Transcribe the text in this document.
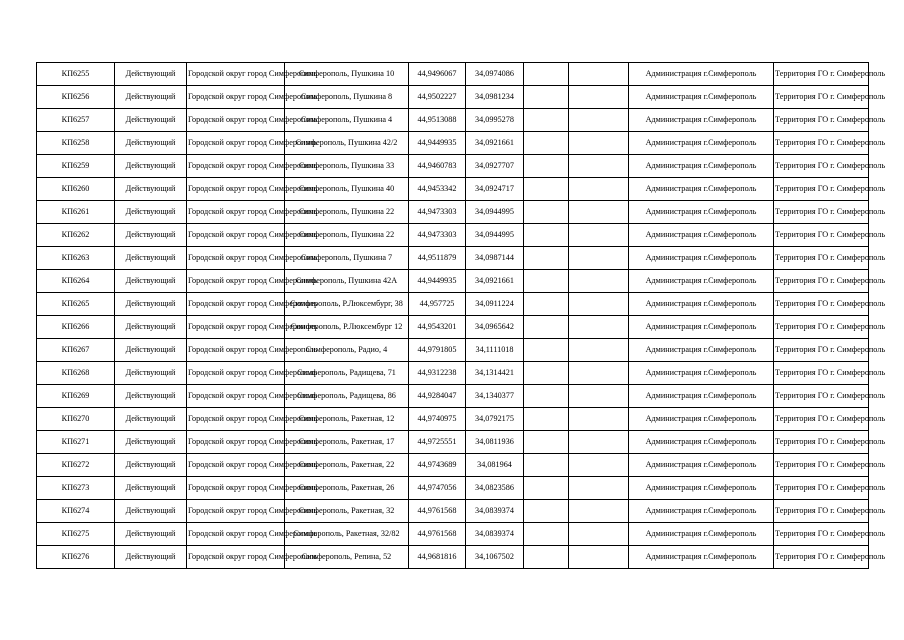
КП6255	Действующий	Городской округ город Симферополь	Симферополь, Пушкина 10	44,9496067	34,0974086			Администрация г.Симферополь	Территория ГО г. Симферополь
КП6256	Действующий	Городской округ город Симферополь	Симферополь, Пушкина 8	44,9502227	34,0981234			Администрация г.Симферополь	Территория ГО г. Симферополь
КП6257	Действующий	Городской округ город Симферополь	Симферополь, Пушкина 4	44,9513088	34,0995278			Администрация г.Симферополь	Территория ГО г. Симферополь
КП6258	Действующий	Городской округ город Симферополь	Симферополь, Пушкина 42/2	44,9449935	34,0921661			Администрация г.Симферополь	Территория ГО г. Симферополь
КП6259	Действующий	Городской округ город Симферополь	Симферополь, Пушкина 33	44,9460783	34,0927707			Администрация г.Симферополь	Территория ГО г. Симферополь
КП6260	Действующий	Городской округ город Симферополь	Симферополь, Пушкина 40	44,9453342	34,0924717			Администрация г.Симферополь	Территория ГО г. Симферополь
КП6261	Действующий	Городской округ город Симферополь	Симферополь, Пушкина 22	44,9473303	34,0944995			Администрация г.Симферополь	Территория ГО г. Симферополь
КП6262	Действующий	Городской округ город Симферополь	Симферополь, Пушкина 22	44,9473303	34,0944995			Администрация г.Симферополь	Территория ГО г. Симферополь
КП6263	Действующий	Городской округ город Симферополь	Симферополь, Пушкина 7	44,9511879	34,0987144			Администрация г.Симферополь	Территория ГО г. Симферополь
КП6264	Действующий	Городской округ город Симферополь	Симферополь, Пушкина 42А	44,9449935	34,0921661			Администрация г.Симферополь	Территория ГО г. Симферополь
КП6265	Действующий	Городской округ город Симферополь	Симферополь, Р.Люксембург, 38	44,957725	34,0911224			Администрация г.Симферополь	Территория ГО г. Симферополь
КП6266	Действующий	Городской округ город Симферополь	Симферополь, Р.Люксембург 12	44,9543201	34,0965642			Администрация г.Симферополь	Территория ГО г. Симферополь
КП6267	Действующий	Городской округ город Симферополь	Симферополь, Радио, 4	44,9791805	34,1111018			Администрация г.Симферополь	Территория ГО г. Симферополь
КП6268	Действующий	Городской округ город Симферополь	Симферополь, Радищева, 71	44,9312238	34,1314421			Администрация г.Симферополь	Территория ГО г. Симферополь
КП6269	Действующий	Городской округ город Симферополь	Симферополь, Радищева, 86	44,9284047	34,1340377			Администрация г.Симферополь	Территория ГО г. Симферополь
КП6270	Действующий	Городской округ город Симферополь	Симферополь, Ракетная, 12	44,9740975	34,0792175			Администрация г.Симферополь	Территория ГО г. Симферополь
КП6271	Действующий	Городской округ город Симферополь	Симферополь, Ракетная, 17	44,9725551	34,0811936			Администрация г.Симферополь	Территория ГО г. Симферополь
КП6272	Действующий	Городской округ город Симферополь	Симферополь, Ракетная, 22	44,9743689	34,081964			Администрация г.Симферополь	Территория ГО г. Симферополь
КП6273	Действующий	Городской округ город Симферополь	Симферополь, Ракетная, 26	44,9747056	34,0823586			Администрация г.Симферополь	Территория ГО г. Симферополь
КП6274	Действующий	Городской округ город Симферополь	Симферополь, Ракетная, 32	44,9761568	34,0839374			Администрация г.Симферополь	Территория ГО г. Симферополь
КП6275	Действующий	Городской округ город Симферополь	Симферополь, Ракетная, 32/82	44,9761568	34,0839374			Администрация г.Симферополь	Территория ГО г. Симферополь
КП6276	Действующий	Городской округ город Симферополь	Симферополь, Репина, 52	44,9681816	34,1067502			Администрация г.Симферополь	Территория ГО г. Симферополь
